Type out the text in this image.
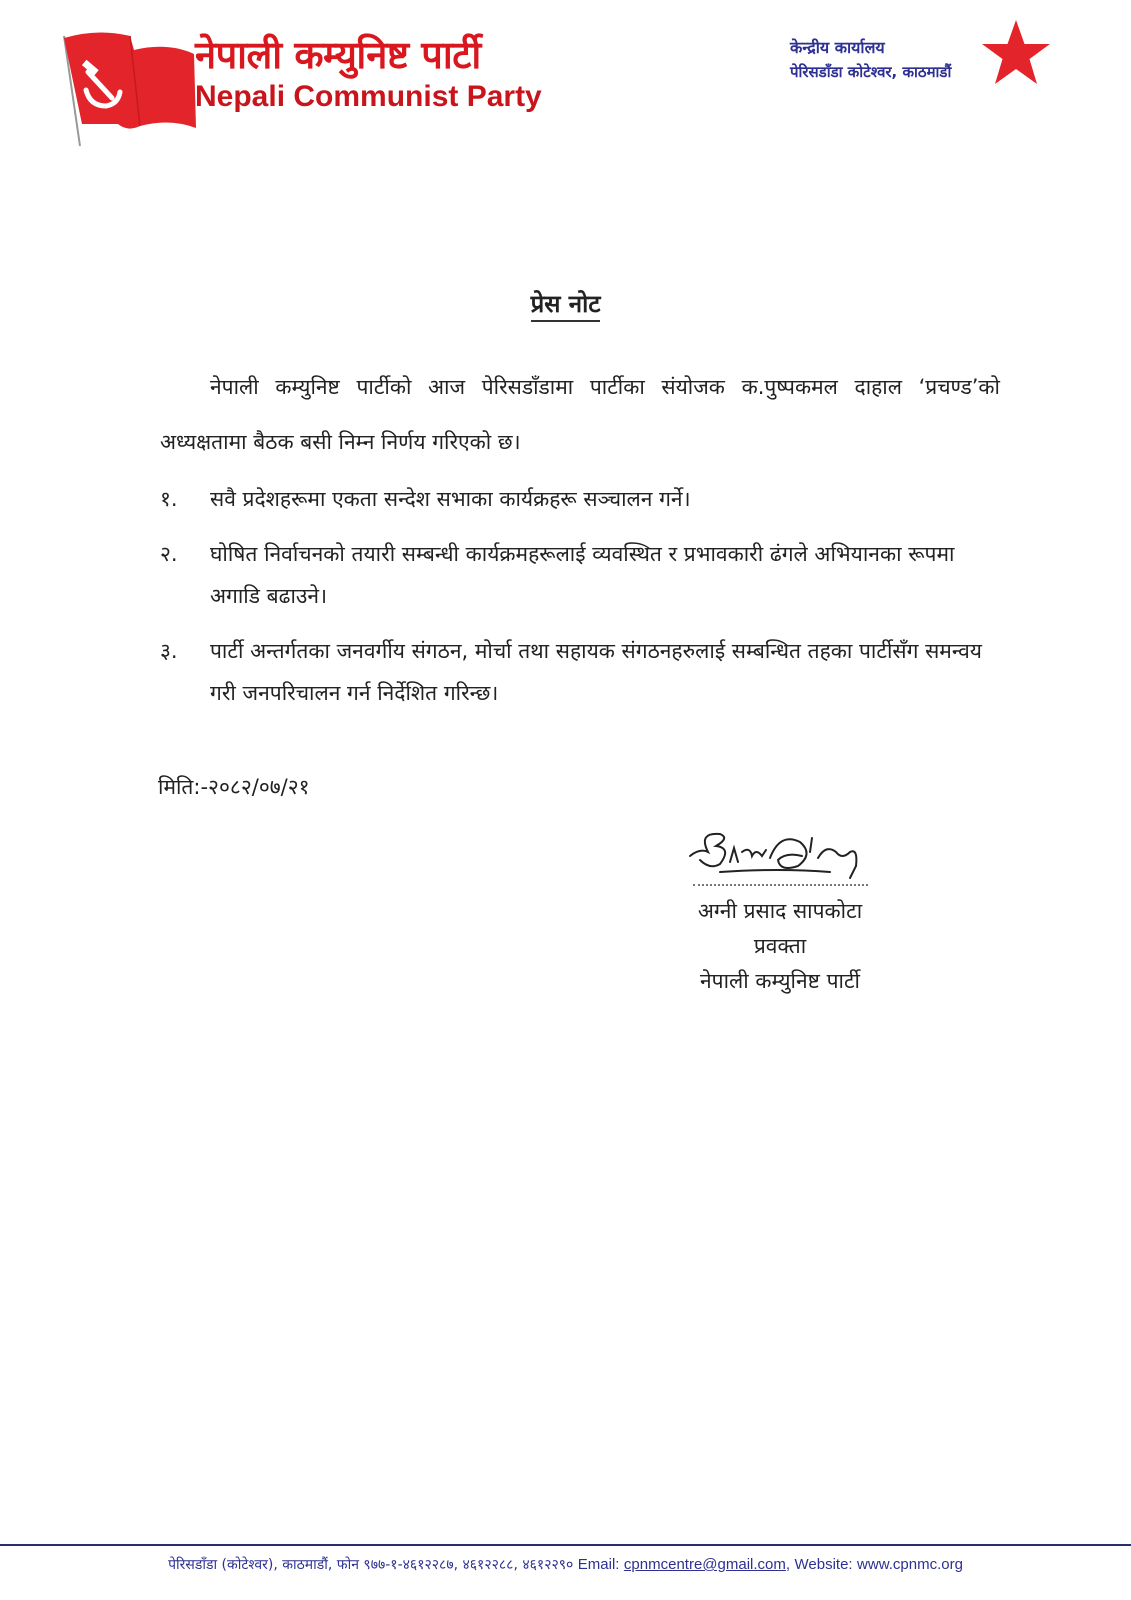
नेपाली कम्युनिष्ट पार्टी
Nepali Communist Party
केन्द्रीय कार्यालय
पेरिसडाँडा कोटेश्वर, काठमाडौं
प्रेस नोट
नेपाली कम्युनिष्ट पार्टीको आज पेरिसडाँडामा पार्टीका संयोजक क.पुष्पकमल दाहाल ‘प्रचण्ड’को अध्यक्षतामा बैठक बसी निम्न निर्णय गरिएको छ।
१. सवै प्रदेशहरूमा एकता सन्देश सभाका कार्यक्रहरू सञ्चालन गर्ने।
२. घोषित निर्वाचनको तयारी सम्बन्धी कार्यक्रमहरूलाई व्यवस्थित र प्रभावकारी ढंगले अभियानका रूपमा अगाडि बढाउने।
३. पार्टी अन्तर्गतका जनवर्गीय संगठन, मोर्चा तथा सहायक संगठनहरुलाई सम्बन्धित तहका पार्टीसँग समन्वय गरी जनपरिचालन गर्न निर्देशित गरिन्छ।
मिति:-२०८२/०७/२१
अग्नी प्रसाद सापकोटा
प्रवक्ता
नेपाली कम्युनिष्ट पार्टी
पेरिसडाँडा (कोटेश्वर), काठमाडौं, फोन ९७७-१-४६१२२८७, ४६१२२८८, ४६१२२९० Email: cpnmcentre@gmail.com, Website: www.cpnmc.org
